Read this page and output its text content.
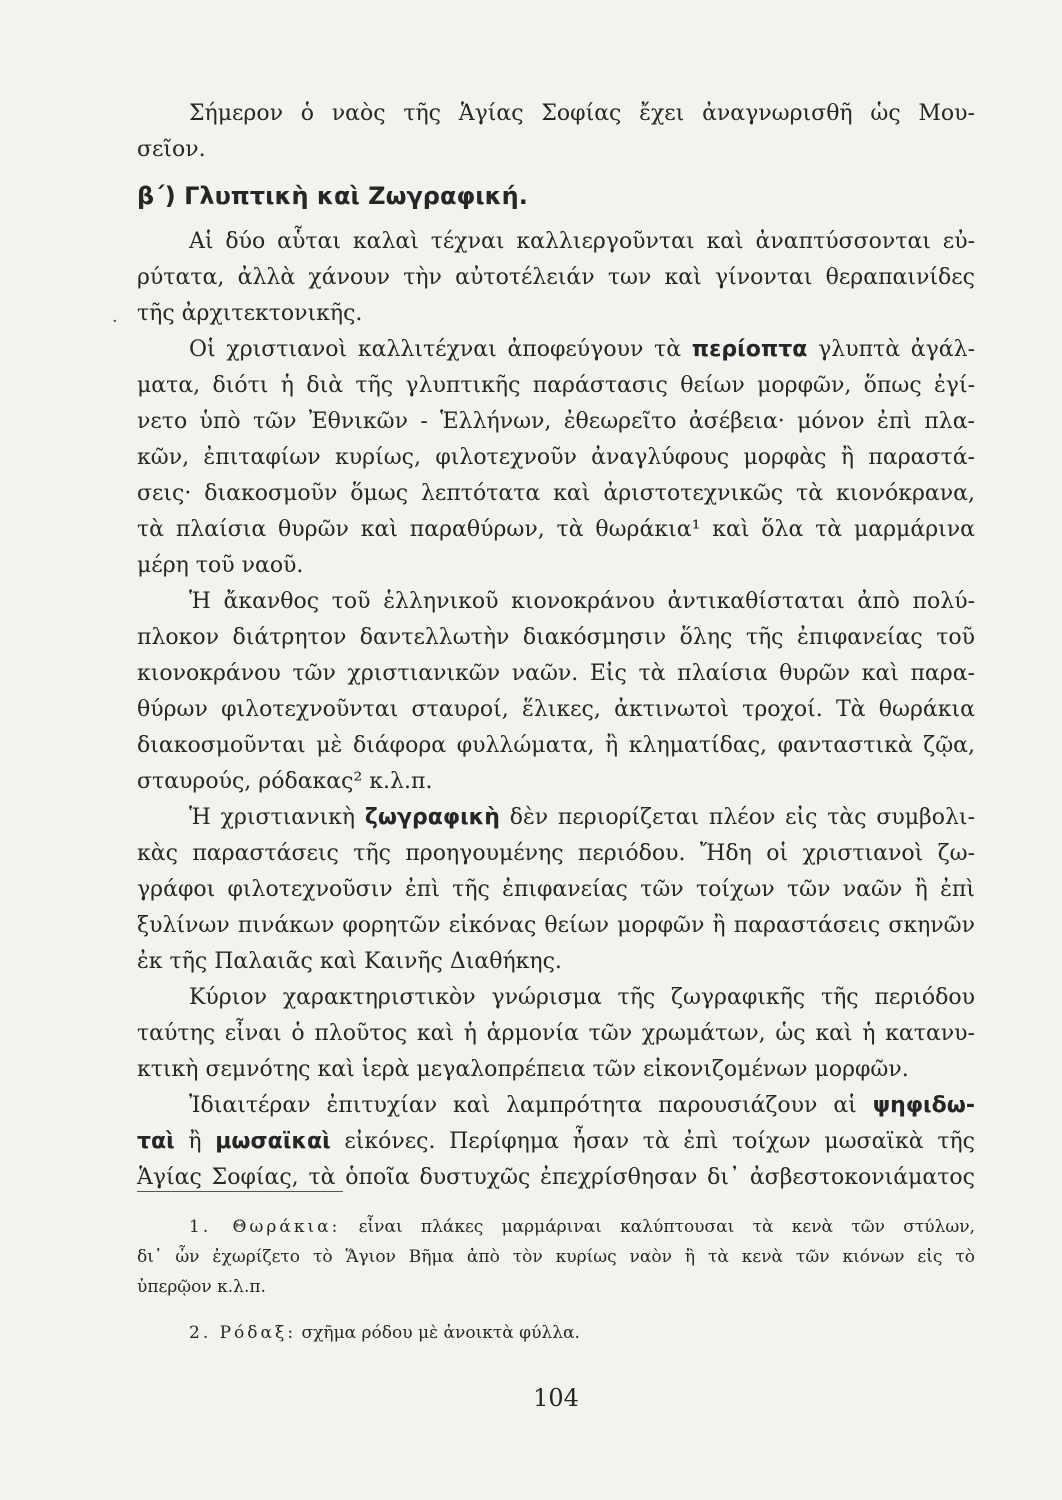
Σήμερον ὁ ναὸς τῆς Ἁγίας Σοφίας ἔχει ἀναγνωρισθῆ ὡς Μου-
σεῖον.
β΄) Γλυπτικὴ καὶ Ζωγραφική.
Αἱ δύο αὗται καλαὶ τέχναι καλλιεργοῦνται καὶ ἀναπτύσσονται εὐ-
ρύτατα, ἀλλὰ χάνουν τὴν αὐτοτέλειάν των καὶ γίνονται θεραπαινίδες
τῆς ἀρχιτεκτονικῆς.
Οἱ χριστιανοὶ καλλιτέχναι ἀποφεύγουν τὰ περίοπτα γλυπτὰ ἀγάλ-
ματα, διότι ἡ διὰ τῆς γλυπτικῆς παράστασις θείων μορφῶν, ὅπως ἐγί-
νετο ὑπὸ τῶν Ἐθνικῶν - Ἑλλήνων, ἐθεωρεῖτο ἀσέβεια· μόνον ἐπὶ πλα-
κῶν, ἐπιταφίων κυρίως, φιλοτεχνοῦν ἀναγλύφους μορφὰς ἢ παραστά-
σεις· διακοσμοῦν ὅμως λεπτότατα καὶ ἀριστοτεχνικῶς τὰ κιονόκρανα,
τὰ πλαίσια θυρῶν καὶ παραθύρων, τὰ θωράκια¹ καὶ ὅλα τὰ μαρμάρινα
μέρη τοῦ ναοῦ.
Ἡ ἄκανθος τοῦ ἑλληνικοῦ κιονοκράνου ἀντικαθίσταται ἀπὸ πολύ-
πλοκον διάτρητον δαντελλωτὴν διακόσμησιν ὅλης τῆς ἐπιφανείας τοῦ
κιονοκράνου τῶν χριστιανικῶν ναῶν. Εἰς τὰ πλαίσια θυρῶν καὶ παρα-
θύρων φιλοτεχνοῦνται σταυροί, ἕλικες, ἀκτινωτοὶ τροχοί. Τὰ θωράκια
διακοσμοῦνται μὲ διάφορα φυλλώματα, ἢ κληματίδας, φανταστικὰ ζῷα,
σταυρούς, ρόδακας² κ.λ.π.
Ἡ χριστιανικὴ ζωγραφικὴ δὲν περιορίζεται πλέον εἰς τὰς συμβολι-
κὰς παραστάσεις τῆς προηγουμένης περιόδου. Ἤδη οἱ χριστιανοὶ ζω-
γράφοι φιλοτεχνοῦσιν ἐπὶ τῆς ἐπιφανείας τῶν τοίχων τῶν ναῶν ἢ ἐπὶ
ξυλίνων πινάκων φορητῶν εἰκόνας θείων μορφῶν ἢ παραστάσεις σκηνῶν
ἐκ τῆς Παλαιᾶς καὶ Καινῆς Διαθήκης.
Κύριον χαρακτηριστικὸν γνώρισμα τῆς ζωγραφικῆς τῆς περιόδου
ταύτης εἶναι ὁ πλοῦτος καὶ ἡ ἁρμονία τῶν χρωμάτων, ὡς καὶ ἡ κατανυ-
κτικὴ σεμνότης καὶ ἱερὰ μεγαλοπρέπεια τῶν εἰκονιζομένων μορφῶν.
Ἰδιαιτέραν ἐπιτυχίαν καὶ λαμπρότητα παρουσιάζουν αἱ ψηφιδω-
ταὶ ἢ μωσαϊκαὶ εἰκόνες. Περίφημα ἦσαν τὰ ἐπὶ τοίχων μωσαϊκὰ τῆς
Ἁγίας Σοφίας, τὰ ὁποῖα δυστυχῶς ἐπεχρίσθησαν δι᾽ ἀσβεστοκονιάματος
1. Θωράκια: εἶναι πλάκες μαρμάριναι καλύπτουσαι τὰ κενὰ τῶν στύλων,
δι᾽ ὧν ἐχωρίζετο τὸ Ἅγιον Βῆμα ἀπὸ τὸν κυρίως ναὸν ἢ τὰ κενὰ τῶν κιόνων εἰς τὸ
ὑπερῷον κ.λ.π.
2. Ρόδαξ: σχῆμα ρόδου μὲ ἀνοικτὰ φύλλα.
104
·
